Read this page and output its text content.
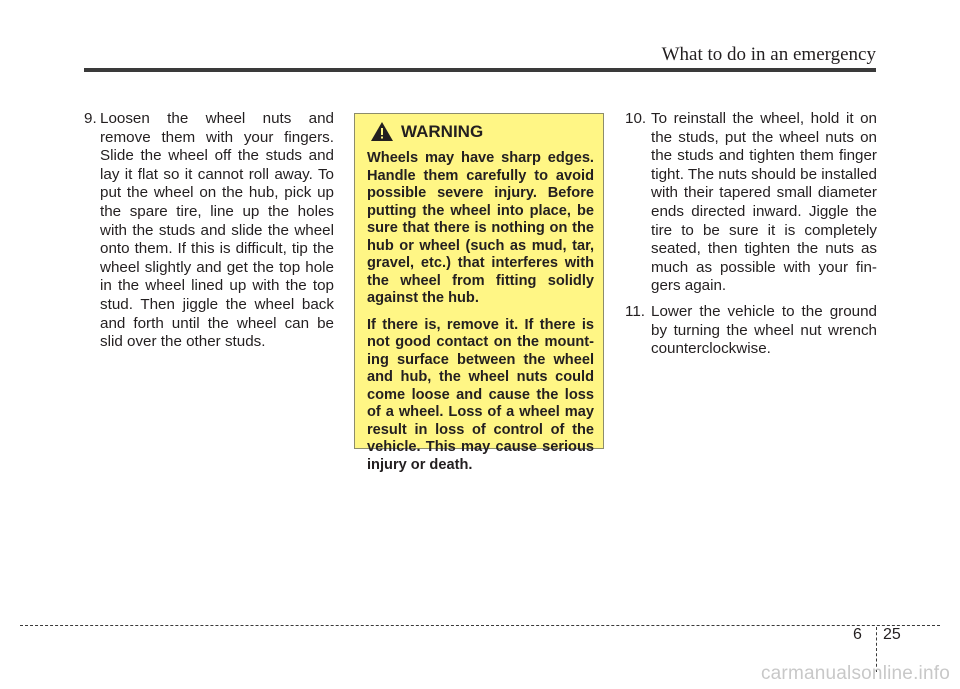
What to do in an emergency
9. Loosen the wheel nuts and remove them with your fingers. Slide the wheel off the studs and lay it flat so it cannot roll away. To put the wheel on the hub, pick up the spare tire, line up the holes with the studs and slide the wheel onto them. If this is difficult, tip the wheel slightly and get the top hole in the wheel lined up with the top stud. Then jiggle the wheel back and forth until the wheel can be slid over the other studs.
WARNING

Wheels may have sharp edges. Handle them carefully to avoid possible severe injury. Before putting the wheel into place, be sure that there is nothing on the hub or wheel (such as mud, tar, gravel, etc.) that interferes with the wheel from fitting solidly against the hub.

If there is, remove it. If there is not good contact on the mount-ing surface between the wheel and hub, the wheel nuts could come loose and cause the loss of a wheel. Loss of a wheel may result in loss of control of the vehicle. This may cause serious injury or death.

10. To reinstall the wheel, hold it on the studs, put the wheel nuts on the studs and tighten them finger tight. The nuts should be installed with their tapered small diameter ends directed inward. Jiggle the tire to be sure it is completely seated, then tighten the nuts as much as possible with your fin-gers again.
11. Lower the vehicle to the ground by turning the wheel nut wrench counterclockwise.
6 25
carmanualsonline.info
